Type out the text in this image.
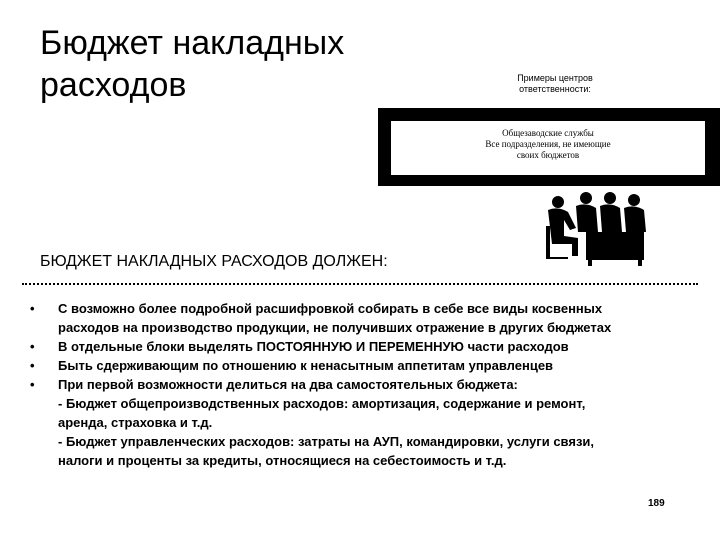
Бюджет накладных
расходов	Примеры центров ответственности:
Общезаводские службы
Все подразделения, не имеющие
своих бюджетов
БЮДЖЕТ НАКЛАДНЫХ РАСХОДОВ ДОЛЖЕН:
• С возможно более подробной расшифровкой собирать в себе все виды косвенных
расходов на производство продукции, не получивших отражение в других бюджетах
• В отдельные блоки выделять ПОСТОЯННУЮ И ПЕРЕМЕННУЮ части расходов
• Быть сдерживающим по отношению к ненасытным аппетитам управленцев
• При первой возможности делиться на два самостоятельных бюджета:
- Бюджет общепроизводственных расходов: амортизация, содержание и ремонт,
аренда, страховка и т.д.
- Бюджет управленческих расходов: затраты на АУП, командировки, услуги связи,
налоги и проценты за кредиты, относящиеся на себестоимость и т.д.
189
